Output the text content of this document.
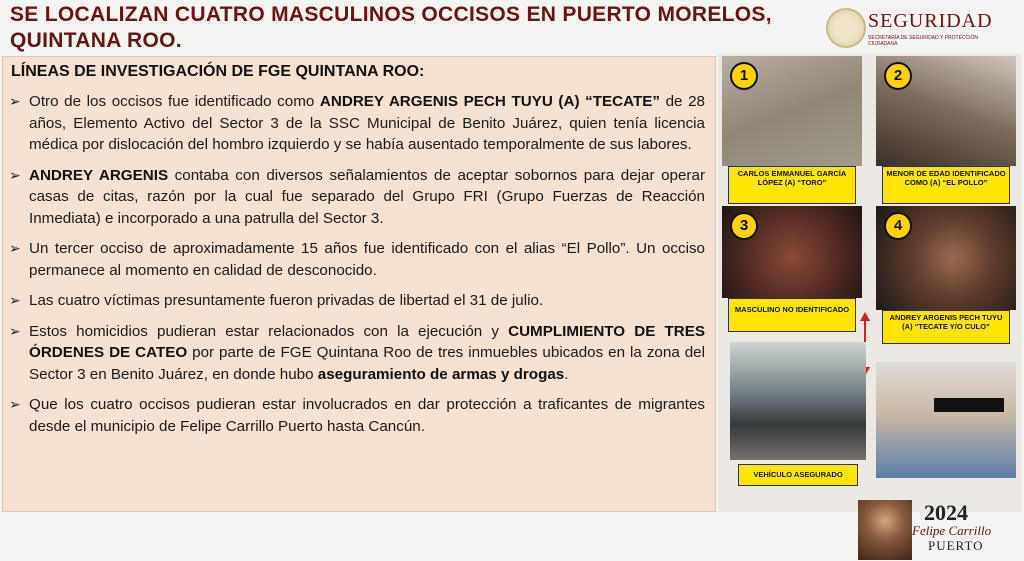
SE LOCALIZAN CUATRO MASCULINOS OCCISOS EN PUERTO MORELOS, QUINTANA ROO.
SEGURIDAD
SECRETARÍA DE SEGURIDAD Y PROTECCIÓN CIUDADANA
LÍNEAS DE INVESTIGACIÓN DE FGE QUINTANA ROO:
➢ Otro de los occisos fue identificado como ANDREY ARGENIS PECH TUYU (A) “TECATE” de 28 años, Elemento Activo del Sector 3 de la SSC Municipal de Benito Juárez, quien tenía licencia médica por dislocación del hombro izquierdo y se había ausentado temporalmente de sus labores.
➢ ANDREY ARGENIS contaba con diversos señalamientos de aceptar sobornos para dejar operar casas de citas, razón por la cual fue separado del Grupo FRI (Grupo Fuerzas de Reacción Inmediata) e incorporado a una patrulla del Sector 3.
➢ Un tercer occiso de aproximadamente 15 años fue identificado con el alias “El Pollo”. Un occiso permanece al momento en calidad de desconocido.
➢ Las cuatro víctimas presuntamente fueron privadas de libertad el 31 de julio.
➢ Estos homicidios pudieran estar relacionados con la ejecución y CUMPLIMIENTO DE TRES ÓRDENES DE CATEO por parte de FGE Quintana Roo de tres inmuebles ubicados en la zona del Sector 3 en Benito Juárez, en donde hubo aseguramiento de armas y drogas.
➢ Que los cuatro occisos pudieran estar involucrados en dar protección a traficantes de migrantes desde el municipio de Felipe Carrillo Puerto hasta Cancún.
1
CARLOS EMMANUEL GARCÍA LÓPEZ (A) “TORO”
2
MENOR DE EDAD IDENTIFICADO COMO (A) “EL POLLO”
3
MASCULINO NO IDENTIFICADO
4
ANDREY ARGENIS PECH TUYU (A) “TECATE Y/O CULO”
VEHÍCULO ASEGURADO
2024
Felipe Carrillo
PUERTO
